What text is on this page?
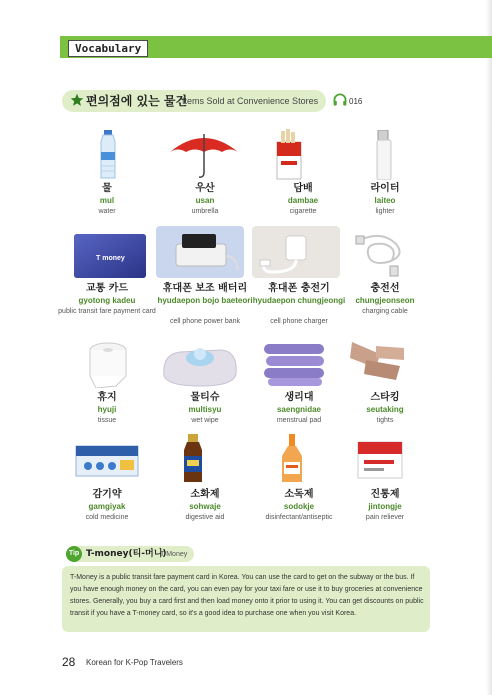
Vocabulary
편의점에 있는 물건
Items Sold at Convenience Stores	016
물
mul
water
우산
usan
umbrella
담배
dambae
cigarette
라이터
laiteo
lighter
T money
교통 카드
gyotong kadeu
public transit fare payment card
휴대폰 보조 배터리
hyudaepon bojo baeteori
cell phone power bank
휴대폰 충전기
hyudaepon chungjeongi
cell phone charger
충전선
chungjeonseon
charging cable
휴지
hyuji
tissue
물티슈
multisyu
wet wipe
생리대
saengnidae
menstrual pad
스타킹
seutaking
tights
감기약
gamgiyak
cold medicine
소화제
sohwaje
digestive aid
소독제
sodokje
disinfectant/antiseptic
진통제
jintongje
pain reliever
Tip T-money(티-머니)
T-Money
T-Money is a public transit fare payment card in Korea. You can use the card to get on the subway or the bus. If you have enough money on the card, you can even pay for your taxi fare or use it to buy groceries at convenience stores. Generally, you buy a card first and then load money onto it prior to using it. You can get discounts on public transit if you have a T-money card, so it's a good idea to purchase one when you visit Korea.
28 Korean for K-Pop Travelers
